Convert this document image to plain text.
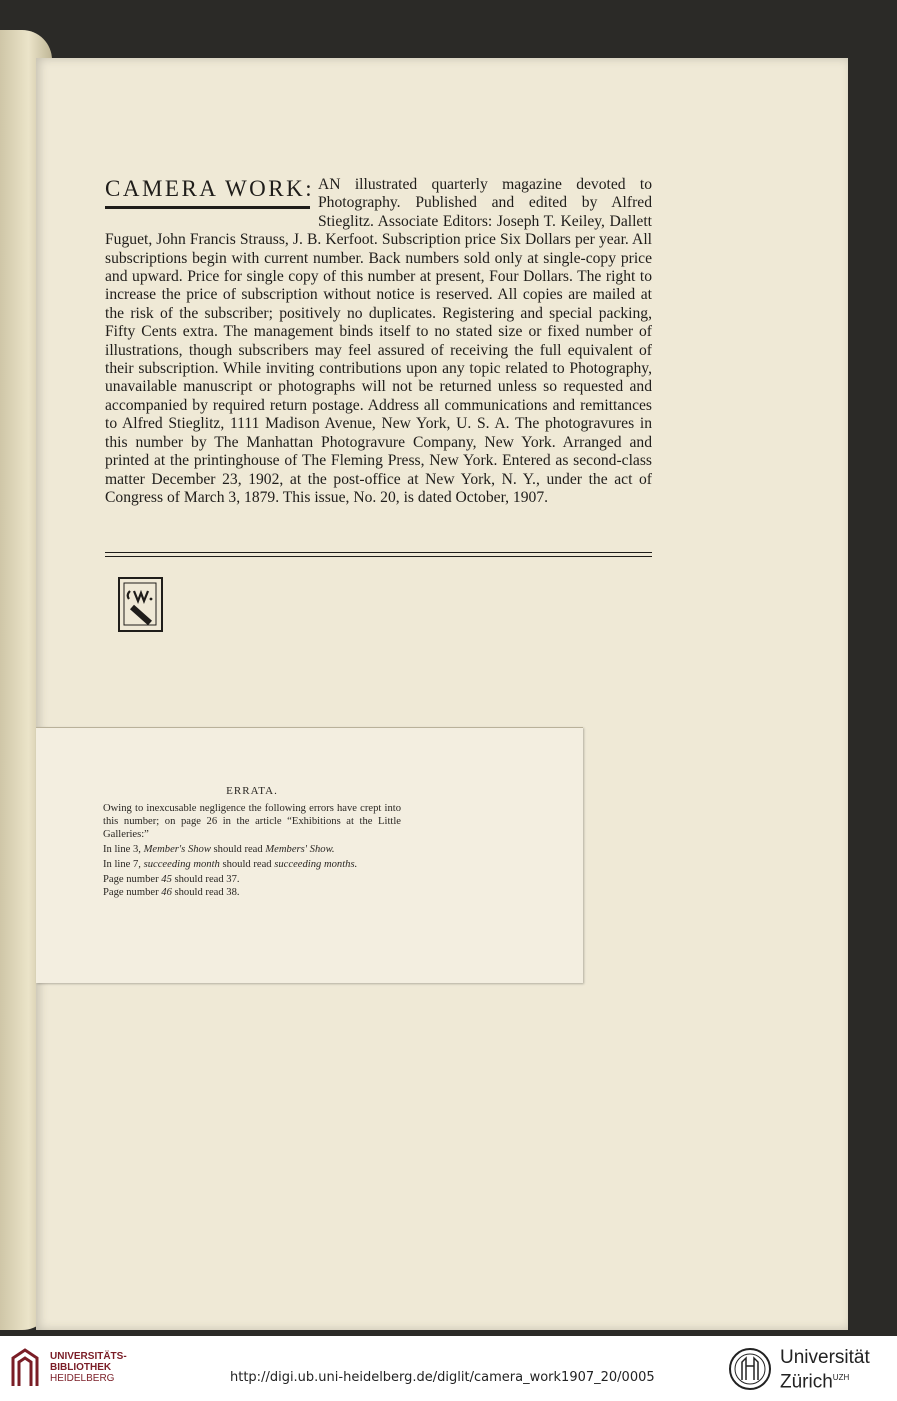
CAMERA WORK: AN illustrated quarterly magazine devoted to Photography. Published and edited by Alfred Stieglitz. Associate Editors: Joseph T. Keiley, Dallett Fuguet, John Francis Strauss, J. B. Kerfoot. Subscription price Six Dollars per year. All subscriptions begin with current number. Back numbers sold only at single-copy price and upward. Price for single copy of this number at present, Four Dollars. The right to increase the price of subscription without notice is reserved. All copies are mailed at the risk of the subscriber; positively no duplicates. Registering and special packing, Fifty Cents extra. The management binds itself to no stated size or fixed number of illustrations, though subscribers may feel assured of receiving the full equivalent of their subscription. While inviting contributions upon any topic related to Photography, unavailable manuscript or photographs will not be returned unless so requested and accompanied by required return postage. Address all communications and remittances to Alfred Stieglitz, 1111 Madison Avenue, New York, U. S. A. The photogravures in this number by The Manhattan Photogravure Company, New York. Arranged and printed at the printinghouse of The Fleming Press, New York. Entered as second-class matter December 23, 1902, at the post-office at New York, N. Y., under the act of Congress of March 3, 1879. This issue, No. 20, is dated October, 1907.
ERRATA.

Owing to inexcusable negligence the following errors have crept into this number; on page 26 in the article “Exhibitions at the Little Galleries:”

In line 3, Member's Show should read Members' Show.

In line 7, succeeding month should read succeeding months.

Page number 45 should read 37.

Page number 46 should read 38.

UNIVERSITÄTS-
BIBLIOTHEK
HEIDELBERG	http://digi.ub.uni-heidelberg.de/diglit/camera_work1907_20/0005
Universität
Zürich$^{UZH}$
